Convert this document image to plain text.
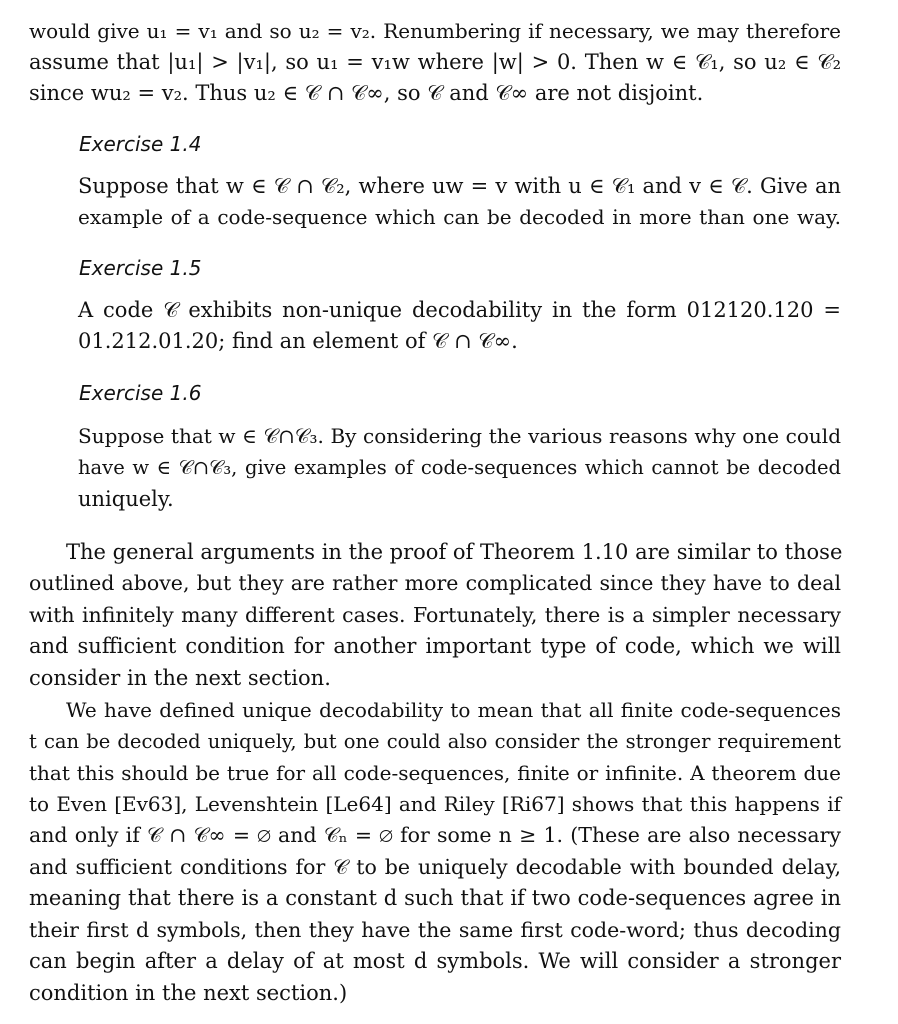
would give u₁ = v₁ and so u₂ = v₂. Renumbering if necessary, we may therefore
assume that |u₁| > |v₁|, so u₁ = v₁w where |w| > 0. Then w ∈ 𝒞₁, so u₂ ∈ 𝒞₂
since wu₂ = v₂. Thus u₂ ∈ 𝒞 ∩ 𝒞∞, so 𝒞 and 𝒞∞ are not disjoint.
Exercise 1.4
Suppose that w ∈ 𝒞 ∩ 𝒞₂, where uw = v with u ∈ 𝒞₁ and v ∈ 𝒞. Give an
example of a code-sequence which can be decoded in more than one way.
Exercise 1.5
A code 𝒞 exhibits non-unique decodability in the form 012120.120 =
01.212.01.20; find an element of 𝒞 ∩ 𝒞∞.
Exercise 1.6
Suppose that w ∈ 𝒞∩𝒞₃. By considering the various reasons why one could
have w ∈ 𝒞∩𝒞₃, give examples of code-sequences which cannot be decoded
uniquely.
The general arguments in the proof of Theorem 1.10 are similar to those
outlined above, but they are rather more complicated since they have to deal
with infinitely many different cases. Fortunately, there is a simpler necessary
and sufficient condition for another important type of code, which we will
consider in the next section.
We have defined unique decodability to mean that all finite code-sequences
t can be decoded uniquely, but one could also consider the stronger requirement
that this should be true for all code-sequences, finite or infinite. A theorem due
to Even [Ev63], Levenshtein [Le64] and Riley [Ri67] shows that this happens if
and only if 𝒞 ∩ 𝒞∞ = ∅ and 𝒞ₙ = ∅ for some n ≥ 1. (These are also necessary
and sufficient conditions for 𝒞 to be uniquely decodable with bounded delay,
meaning that there is a constant d such that if two code-sequences agree in
their first d symbols, then they have the same first code-word; thus decoding
can begin after a delay of at most d symbols. We will consider a stronger
condition in the next section.)
